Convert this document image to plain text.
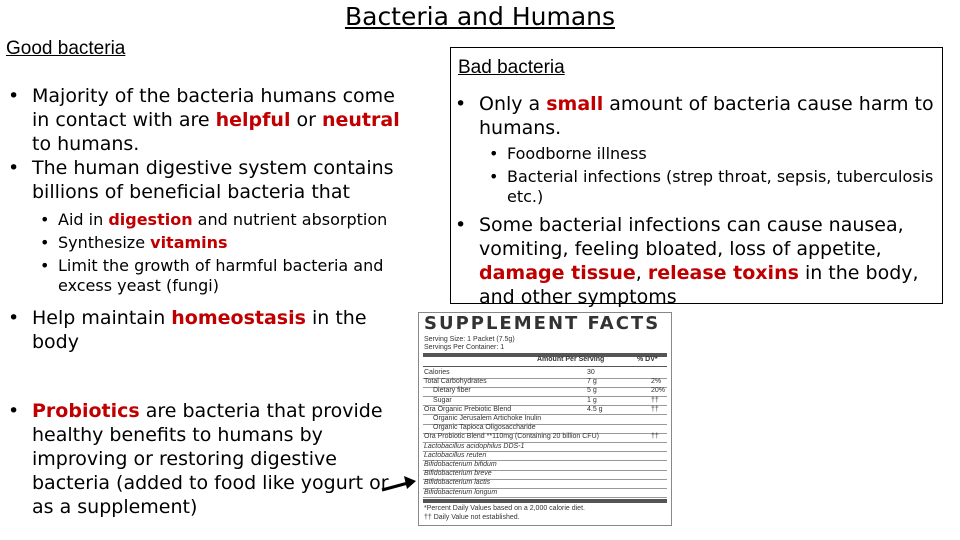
Bacteria and Humans
Good bacteria
• Majority of the bacteria humans come in contact with are helpful or neutral to humans.
• The human digestive system contains billions of beneficial bacteria that
• Aid in digestion and nutrient absorption
• Synthesize vitamins
• Limit the growth of harmful bacteria and excess yeast (fungi)
• Help maintain homeostasis in the body
• Probiotics are bacteria that provide healthy benefits to humans by improving or restoring digestive bacteria (added to food like yogurt or as a supplement)
Bad bacteria
• Only a small amount of bacteria cause harm to humans.
• Foodborne illness
• Bacterial infections (strep throat, sepsis, tuberculosis etc.)
• Some bacterial infections can cause nausea, vomiting, feeling bloated, loss of appetite, damage tissue, release toxins in the body, and other symptoms
Serving Size: 1 Packet (7.5g)
Servings Per Container: 1
Amount Per Serving	% DV*
Calories	30
Total Carbohydrates	7 g	2%
Dietary fiber	5 g	20%
Sugar	1 g	††
Ora Organic Prebiotic Blend	4.5 g	††
Organic Jerusalem Artichoke Inulin
Organic Tapioca Oligosaccharide
Ora Probiotic Blend **110mg (Containing 20 billion CFU)	††
Lactobacillus acidophilus DDS-1
Lactobacillus reuteri
Bifidobacterium bifidum
Bifidobacterium breve
Bifidobacterium lactis
Bifidobacterium longum
*Percent Daily Values based on a 2,000 calorie diet.
†† Daily Value not established.
SUPPLEMENT FACTS
